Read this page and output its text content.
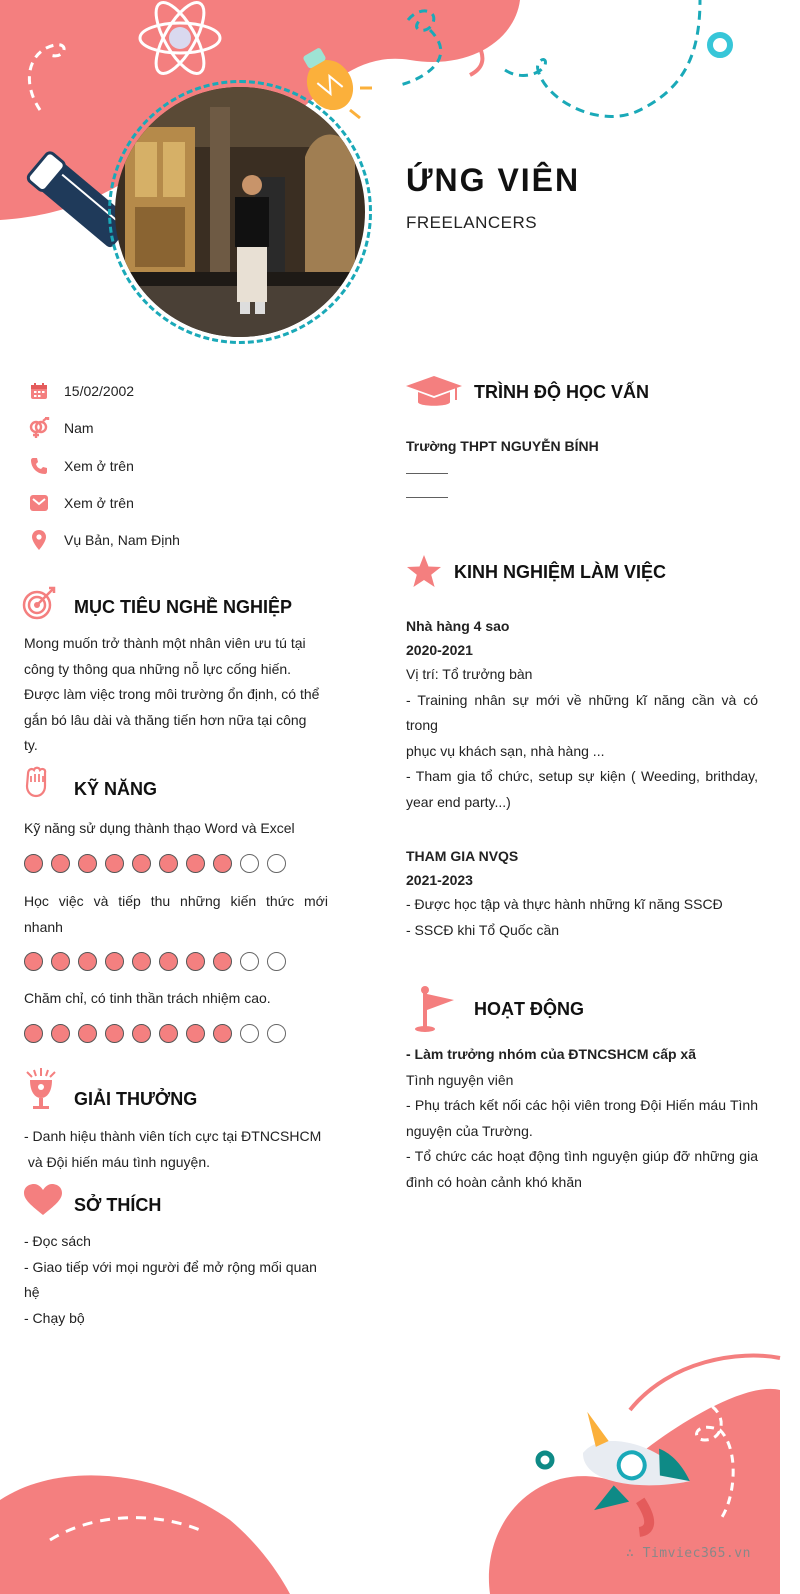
ỨNG VIÊN
FREELANCERS
15/02/2002
Nam
Xem ở trên
Xem ở trên
Vụ Bản, Nam Định
MỤC TIÊU NGHỀ NGHIỆP
Mong muốn trở thành một nhân viên ưu tú tại
công ty thông qua những nỗ lực cống hiến.
Được làm việc trong môi trường ổn định, có thể
gắn bó lâu dài và thăng tiến hơn nữa tại công
ty.
KỸ NĂNG
Kỹ năng sử dụng thành thạo Word và Excel
Học việc và tiếp thu những kiến thức mới
nhanh
Chăm chỉ, có tinh thần trách nhiệm cao.
GIẢI THƯỞNG
- Danh hiệu thành viên tích cực tại ĐTNCSHCM
và Đội hiến máu tình nguyện.
SỞ THÍCH
- Đọc sách
- Giao tiếp với mọi người để mở rộng mối quan
hệ
- Chạy bộ
TRÌNH ĐỘ HỌC VẤN
Trường THPT NGUYỄN BÍNH
———
———
KINH NGHIỆM LÀM VIỆC
Nhà hàng 4 sao
2020-2021
Vị trí: Tổ trưởng bàn
- Training nhân sự mới về những kĩ năng cần và có trong
phục vụ khách sạn, nhà hàng ...
- Tham gia tổ chức, setup sự kiện ( Weeding, brithday,
year end party...)
THAM GIA NVQS
2021-2023
- Được học tập và thực hành những kĩ năng SSCĐ
- SSCĐ khi Tổ Quốc cần
HOẠT ĐỘNG
- Làm trưởng nhóm của ĐTNCSHCM cấp xã
Tình nguyện viên
- Phụ trách kết nối các hội viên trong Đội Hiến máu Tình
nguyện của Trường.
- Tổ chức các hoạt động tình nguyện giúp đỡ những gia
đình có hoàn cảnh khó khăn
∴ Timviec365.vn
